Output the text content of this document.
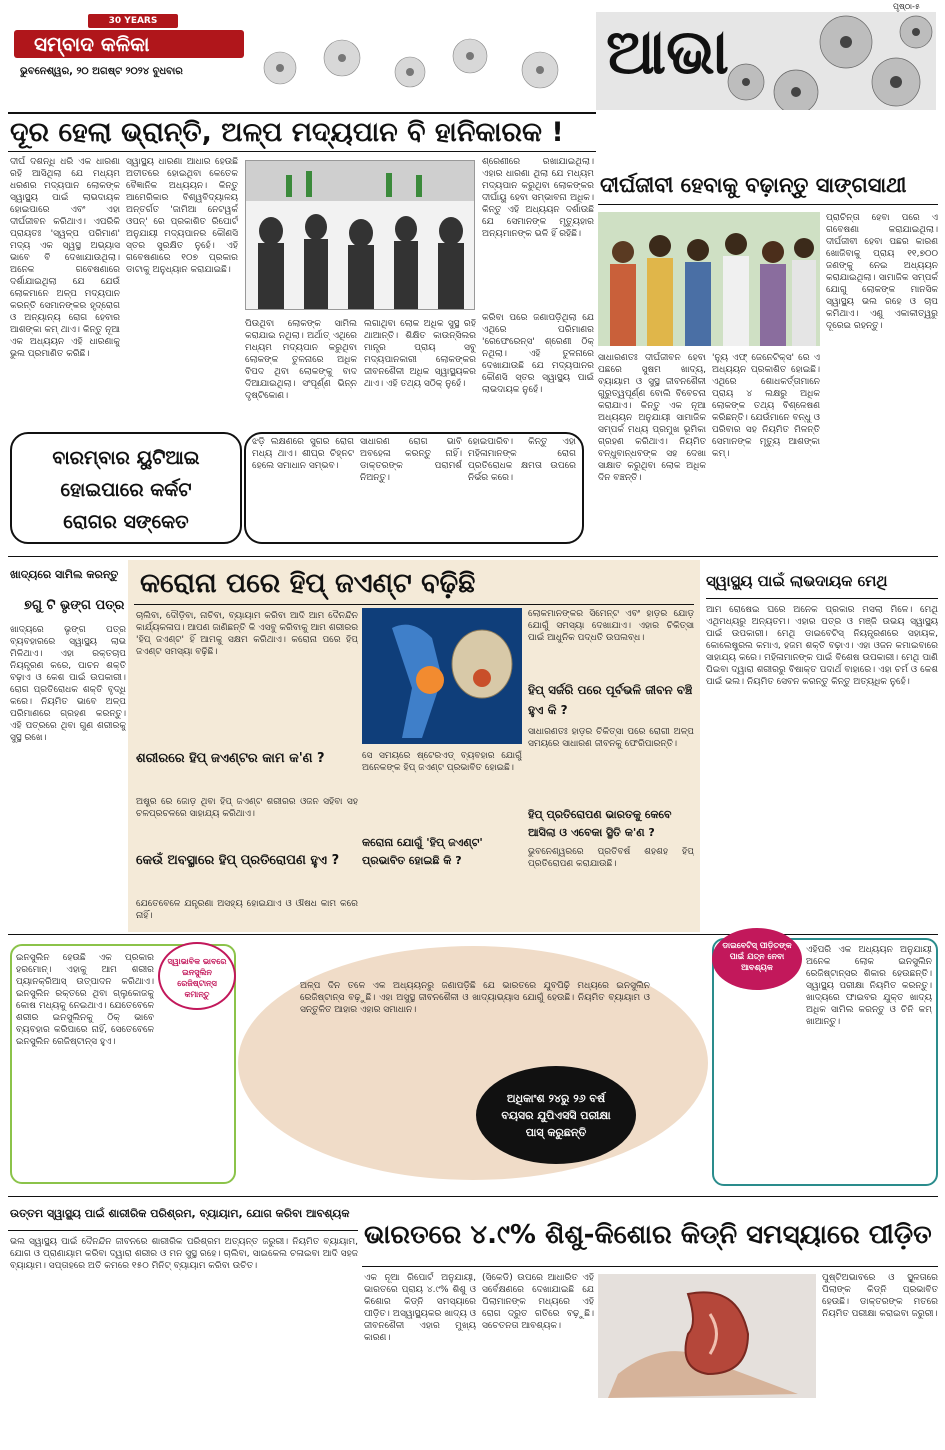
30 YEARS
ସମ୍ବାଦ କଳିକା
ଭୁବନେଶ୍ୱର, ୨୦ ଅଗଷ୍ଟ ୨୦୨୪ ବୁଧବାର
ପୃଷ୍ଠା-୫
ଆଭା
ଦୂର ହେଲା ଭ୍ରାନ୍ତି, ଅଳ୍ପ ମଦ୍ୟପାନ ବି ହାନିକାରକ !
ଦୀର୍ଘ ଦଶନ୍ଧି ଧରି ଏକ ଧାରଣା ରହି ଆସିଥିଲା ଯେ ମଧ୍ୟମ ଧରଣର ମଦ୍ୟପାନ ଲୋକଙ୍କ ସ୍ୱାସ୍ଥ୍ୟ ପାଇଁ ଲାଭଦାୟକ ହୋଇପାରେ ଏବଂ ଏହା ଦୀର୍ଘଜୀବନ କରିଥାଏ। ଏପରିକି ପ୍ରାୟତଃ 'ସ୍ୱଳ୍ପ ପରିମାଣ' ମଦ୍ୟ ଏକ ସ୍ୱସ୍ଥ ଅଭ୍ୟାସ ଭାବେ ବି ଦେଖାଯାଉଥିଲା। ଅନେକ ଗବେଷଣାରେ ଦର୍ଶାଯାଇଥିଲା ଯେ ଯେଉଁ ଲୋକମାନେ ଅଳ୍ପ ମଦ୍ୟପାନ କରନ୍ତି ସେମାନଙ୍କର ହୃଦ୍‌ରୋଗ ଓ ଅନ୍ୟାନ୍ୟ ରୋଗ ହେବାର ଆଶଙ୍କା କମ୍ ଥାଏ। କିନ୍ତୁ ନୂଆ ଏକ ଅଧ୍ୟୟନ ଏହି ଧାରଣାକୁ ଭୁଲ ପ୍ରମାଣିତ କରିଛି।
ସ୍ୱାସ୍ଥ୍ୟ ଧାରଣା ଆଧାର ହେଉଛି ଅତୀତରେ ହୋଇଥିବା କେତେକ ବୈଜ୍ଞାନିକ ଅଧ୍ୟୟନ। କିନ୍ତୁ ଆମେରିକାର ବିଶ୍ୱବିଦ୍ୟାଳୟ ଅନ୍ତର୍ଗତ 'ଜାମିଆ ନେଟୱର୍କ ଓପନ୍' ରେ ପ୍ରକାଶିତ ରିପୋର୍ଟ ଅନୁଯାୟୀ ମଦ୍ୟପାନର କୌଣସି ସ୍ତର ସୁରକ୍ଷିତ ନୁହେଁ। ଏହି ଗବେଷଣାରେ ୧୦୭ ପ୍ରକାର ଡାଟାକୁ ଅନୁଧ୍ୟାନ କରାଯାଇଛି।
ଶ୍ରେଣୀରେ ରଖାଯାଇଥିଲା। ଏହାର ଧାରଣା ଥିଲା ଯେ ମଧ୍ୟମ ମଦ୍ୟପାନ କରୁଥିବା ଲୋକଙ୍କର ଦୀର୍ଘାୟୁ ହେବା ସମ୍ଭାବନା ଅଧିକ। କିନ୍ତୁ ଏହି ଅଧ୍ୟୟନ ଦର୍ଶାଉଛି ଯେ ସେମାନଙ୍କ ମୃତ୍ୟୁହାର ଅନ୍ୟମାନଙ୍କ ଭଳି ହିଁ ରହିଛି।
ପିଉଥିବା ଲୋକଙ୍କ ସାମିଲ କରାଯାଇ ନଥିଲା। ଅର୍ଥାତ୍ ଏଥିରେ ମଧ୍ୟମ ମଦ୍ୟପାନ କରୁଥିବା ଲୋକଙ୍କ ତୁଳନାରେ ଅଧିକ ବିପଦ ଥିବା ଲୋକଙ୍କୁ ବାଦ ଦିଆଯାଇଥିଲା। ସଂପୂର୍ଣ୍ଣ ଭିନ୍ନ ଦୃଷ୍ଟିକୋଣ।
ଲଗାଥିବା ଲୋକ ଅଧିକ ସୁସ୍ଥ ରହି ଥାଆନ୍ତି। ଶିକ୍ଷିତ କାଉନ୍ସିଲର ମାନ୍ତ୍ର ପ୍ରାୟ ସବୁ ମଦ୍ୟପାନକାରୀ ଲୋକଙ୍କର ଜୀବନଶୈଳୀ ଅଧିକ ସ୍ୱାସ୍ଥ୍ୟକର ଥାଏ। ଏହି ତଥ୍ୟ ସଠିକ୍ ନୁହେଁ।
କରିବା ପରେ ଜଣାପଡ଼ିଥିଲା ଯେ ଏଥିରେ ପରିମାଣର 'ରେଫେରେନ୍ସ' ଶ୍ରେଣୀ ଠିକ୍ ନଥିଲା। ଏହି ତୁଳନାରେ ଦେଖାଯାଉଛି ଯେ ମଦ୍ୟପାନର କୌଣସି ସ୍ତର ସ୍ୱାସ୍ଥ୍ୟ ପାଇଁ ଲାଭଦାୟକ ନୁହେଁ।
ଦୀର୍ଘଜୀବୀ ହେବାକୁ ବଢ଼ାନ୍ତୁ ସାଙ୍ଗସାଥୀ
ପ୍ରାଚିନ୍ତା ହେବା ପରେ ଏ ଗବେଷଣା କରାଯାଇଥିଲା। ଦୀର୍ଘଜୀବୀ ହେବା ପଛର କାରଣ ଖୋଜିବାକୁ ପ୍ରାୟ ୧୧,୭୦୦ ଜଣଙ୍କୁ ନେଇ ଅଧ୍ୟୟନ କରାଯାଇଥିଲା। ସାମାଜିକ ସମ୍ପର୍କ ଯୋଗୁ ଲୋକଙ୍କ ମାନସିକ ସ୍ୱାସ୍ଥ୍ୟ ଭଲ ରହେ ଓ ଚାପ କମିଥାଏ। ଏଣୁ ଏକାକୀତ୍ୱରୁ ଦୂରେଇ ରହନ୍ତୁ।
ସାଧାରଣତଃ ଦୀର୍ଘଜୀବନ ହେବା ପଛରେ ସୁଷମ ଖାଦ୍ୟ, ବ୍ୟାୟାମ ଓ ସୁସ୍ଥ ଜୀବନଶୈଳୀ ଗୁରୁତ୍ୱପୂର୍ଣ୍ଣ ବୋଲି ବିବେଚନା କରାଯାଏ। କିନ୍ତୁ ଏକ ନୂଆ ଅଧ୍ୟୟନ ଅନୁଯାୟୀ ସାମାଜିକ ସମ୍ପର୍କ ମଧ୍ୟ ପ୍ରମୁଖ ଭୂମିକା ଗ୍ରହଣ କରିଥାଏ। ନିୟମିତ ବନ୍ଧୁବାନ୍ଧବଙ୍କ ସହ ଦେଖା ସାକ୍ଷାତ କରୁଥିବା ଲୋକ ଅଧିକ ଦିନ ବଞ୍ଚନ୍ତି।
'ନ୍ୟୁ ଏଫ୍ ଜେନେଟିକ୍ସ' ରେ ଏ ଅଧ୍ୟୟନ ପ୍ରକାଶିତ ହୋଇଛି। ଏଥିରେ ଶୋଧକର୍ତ୍ତାମାନେ ପ୍ରାୟ ୪ ଲକ୍ଷରୁ ଅଧିକ ଲୋକଙ୍କ ତଥ୍ୟ ବିଶ୍ଳେଷଣ କରିଛନ୍ତି। ଯେଉଁମାନେ ବନ୍ଧୁ ଓ ପରିବାର ସହ ନିୟମିତ ମିଳନ୍ତି ସେମାନଙ୍କ ମୃତ୍ୟୁ ଆଶଙ୍କା କମ୍।
ବାରମ୍ବାର ୟୁଟିଆଇ
ହୋଇପାରେ କର୍କଟ
ରୋଗର ସଙ୍କେତ
ଝଡ଼ି ଲକ୍ଷଣରେ ସୁଗର ରୋଗ ମଧ୍ୟ ଥାଏ। ଶୀଘ୍ର ଚିହ୍ନଟ ହେଲେ ସମାଧାନ ସମ୍ଭବ।
ସାଧାରଣ ରୋଗ ଭାବି ଅବହେଳା କରନ୍ତୁ ନାହିଁ। ଡାକ୍ତରଙ୍କ ପରାମର୍ଶ ନିଅନ୍ତୁ।
ହୋଇପାରିବ। କିନ୍ତୁ ଏହା ମହିଳାମାନଙ୍କ ରୋଗ ପ୍ରତିରୋଧକ କ୍ଷମତା ଉପରେ ନିର୍ଭର କରେ।
ଖାଦ୍ୟରେ ସାମିଲ କରନ୍ତୁ
୭ଗୁ ଟି ଭୃଙ୍ଗ ପତ୍ର
ଖାଦ୍ୟରେ ଭୃଙ୍ଗ ପତ୍ର ବ୍ୟବହାରରେ ସ୍ୱାସ୍ଥ୍ୟ ଲାଭ ମିଳିଥାଏ। ଏହା ରକ୍ତଚାପ ନିୟନ୍ତ୍ରଣ କରେ, ପାଚନ ଶକ୍ତି ବଢ଼ାଏ ଓ କେଶ ପାଇଁ ଉପକାରୀ। ରୋଗ ପ୍ରତିରୋଧକ ଶକ୍ତି ବୃଦ୍ଧି କରେ। ନିୟମିତ ଭାବେ ଅଳ୍ପ ପରିମାଣରେ ଗ୍ରହଣ କରନ୍ତୁ। ଏହି ପତ୍ରରେ ଥିବା ଗୁଣ ଶରୀରକୁ ସୁସ୍ଥ ରଖେ।
କରୋନା ପରେ ହିପ୍ ଜଏଣ୍ଟ ବଢ଼ିଛି
ଚାଲିବା, ଦୌଡ଼ିବା, ନାଚିବା, ବ୍ୟାୟାମ କରିବା ଆଦି ଆମ ଦୈନନ୍ଦିନ କାର୍ଯ୍ୟକଳାପ। ଆପଣ ଜାଣିଛନ୍ତି କି ଏସବୁ କରିବାକୁ ଆମ ଶରୀରର 'ହିପ୍ ଜଏଣ୍ଟ' ହିଁ ଆମକୁ ସକ୍ଷମ କରିଥାଏ। କରୋନା ପରେ ହିପ୍ ଜଏଣ୍ଟ ସମସ୍ୟା ବଢ଼ିଛି।
ଲୋକମାନଙ୍କର ସିମେନ୍ଟ ଏବଂ ହାଡ଼ର ଯୋଡ଼ ଯୋଗୁଁ ସମସ୍ୟା ଦେଖାଯାଏ। ଏହାର ଚିକିତ୍ସା ପାଇଁ ଆଧୁନିକ ପଦ୍ଧତି ଉପଲବ୍ଧ।
ହିପ୍ ସର୍ଜରି ପରେ ପୂର୍ବଭଳି ଜୀବନ ବଞ୍ଚି ହୁଏ କି ?
ସାଧାରଣତଃ ହାଡ଼ର ଚିକିତ୍ସା ପରେ ରୋଗୀ ଅଳ୍ପ ସମୟରେ ସାଧାରଣ ଜୀବନକୁ ଫେରିପାରନ୍ତି।
ଶରୀରରେ ହିପ୍ ଜଏଣ୍ଟର କାମ କ'ଣ ?
ଅଷ୍ଟ୍ର ରେ ଜୋଡ଼ ଥିବା ହିପ୍ ଜଏଣ୍ଟ ଶରୀରର ଓଜନ ସହିବା ସହ ଚଳପ୍ରଚଳରେ ସାହାଯ୍ୟ କରିଥାଏ।
ସେ ସମୟରେ ଷ୍ଟେରଏଡ୍ ବ୍ୟବହାର ଯୋଗୁଁ ଅନେକଙ୍କ ହିପ୍ ଜଏଣ୍ଟ ପ୍ରଭାବିତ ହୋଇଛି।
କରୋନା ଯୋଗୁଁ 'ହିପ୍ ଜଏଣ୍ଟ' ପ୍ରଭାବିତ ହୋଇଛି କି ?
ହିପ୍ ପ୍ରତିରୋପଣ ଭାରତକୁ କେବେ ଆସିଲା ଓ ଏବେକା ସ୍ଥିତି କ'ଣ ?
ଭୁବନେଶ୍ୱରରେ ପ୍ରତିବର୍ଷ ଶହଶହ ହିପ୍ ପ୍ରତିରୋପଣ କରାଯାଉଛି।
କେଉଁ ଅବସ୍ଥାରେ ହିପ୍ ପ୍ରତିରୋପଣ ହୁଏ ?
ଯେତେବେଳେ ଯନ୍ତ୍ରଣା ଅସହ୍ୟ ହୋଇଯାଏ ଓ ଔଷଧ କାମ କରେ ନାହିଁ।
ସ୍ୱାସ୍ଥ୍ୟ ପାଇଁ ଲାଭଦାୟକ ମେଥି
ଆମ ରୋଷେଇ ଘରେ ଅନେକ ପ୍ରକାର ମସଲା ମିଳେ। ମେଥି ଏଥିମଧ୍ୟରୁ ଅନ୍ୟତମ। ଏହାର ପତ୍ର ଓ ମଞ୍ଜି ଉଭୟ ସ୍ୱାସ୍ଥ୍ୟ ପାଇଁ ଉପକାରୀ। ମେଥି ଡାଇବେଟିସ୍ ନିୟନ୍ତ୍ରଣରେ ସହାୟକ, କୋଲେଷ୍ଟ୍ରଲ କମାଏ, ହଜମ ଶକ୍ତି ବଢ଼ାଏ। ଏହା ଓଜନ କମାଇବାରେ ସାହାଯ୍ୟ କରେ। ମହିଳାମାନଙ୍କ ପାଇଁ ବିଶେଷ ଉପକାରୀ। ମେଥି ପାଣି ପିଇବା ଦ୍ୱାରା ଶରୀରରୁ ବିଷାକ୍ତ ପଦାର୍ଥ ବାହାରେ। ଏହା ଚର୍ମ ଓ କେଶ ପାଇଁ ଭଲ। ନିୟମିତ ସେବନ କରନ୍ତୁ କିନ୍ତୁ ଅତ୍ୟଧିକ ନୁହେଁ।
ସ୍ୱାଭାବିକ ଭାବରେ ଇନସୁଲିନ ରେଜିଷ୍ଟାନ୍ସ କମାନ୍ତୁ
ଇନସୁଲିନ ହେଉଛି ଏକ ପ୍ରକାର ହରମୋନ୍। ଏହାକୁ ଆମ ଶରୀର ପ୍ୟାନକ୍ରିଆସ୍ ଉତ୍ପାଦନ କରିଥାଏ। ଇନସୁଲିନ ରକ୍ତରେ ଥିବା ଗ୍ଲୁକୋଜକୁ କୋଷ ମଧ୍ୟକୁ ନେଇଥାଏ। ଯେତେବେଳେ ଶରୀର ଇନସୁଲିନକୁ ଠିକ୍ ଭାବେ ବ୍ୟବହାର କରିପାରେ ନାହିଁ, ସେତେବେଳେ ଇନସୁଲିନ ରେଜିଷ୍ଟାନ୍ସ ହୁଏ।
ଅଳ୍ପ ଦିନ ତଳେ ଏକ ଅଧ୍ୟୟନରୁ ଜଣାପଡ଼ିଛି ଯେ ଭାରତରେ ଯୁବପିଢ଼ି ମଧ୍ୟରେ ଇନସୁଲିନ ରେଜିଷ୍ଟାନ୍ସ ବଢ଼ୁଛି। ଏହା ଅସୁସ୍ଥ ଜୀବନଶୈଳୀ ଓ ଖାଦ୍ୟାଭ୍ୟାସ ଯୋଗୁଁ ହେଉଛି। ନିୟମିତ ବ୍ୟାୟାମ ଓ ସନ୍ତୁଳିତ ଆହାର ଏହାର ସମାଧାନ।
ଅଧିକାଂଶ ୨୪ରୁ ୨୬ ବର୍ଷ ବୟସର ଯୁପିଏସସି ପରୀକ୍ଷା ପାସ୍ କରୁଛନ୍ତି
ଡାଇବେଟିସ୍ ପୀଡ଼ିତଙ୍କ ପାଇଁ ଯତ୍ନ ନେବା ଆବଶ୍ୟକ
ଏହିପରି ଏକ ଅଧ୍ୟୟନ ଅନୁଯାୟୀ ଅନେକ ଲୋକ ଇନସୁଲିନ ରେଜିଷ୍ଟାନ୍ସର ଶିକାର ହେଉଛନ୍ତି। ସ୍ୱାସ୍ଥ୍ୟ ପରୀକ୍ଷା ନିୟମିତ କରନ୍ତୁ। ଖାଦ୍ୟରେ ଫାଇବର ଯୁକ୍ତ ଖାଦ୍ୟ ଅଧିକ ସାମିଲ କରନ୍ତୁ ଓ ଚିନି କମ୍ ଖାଆନ୍ତୁ।
ଉତ୍ତମ ସ୍ୱାସ୍ଥ୍ୟ ପାଇଁ ଶାରୀରିକ ପରିଶ୍ରମ, ବ୍ୟାୟାମ, ଯୋଗ କରିବା ଆବଶ୍ୟକ
ଭଲ ସ୍ୱାସ୍ଥ୍ୟ ପାଇଁ ଦୈନନ୍ଦିନ ଜୀବନରେ ଶାରୀରିକ ପରିଶ୍ରମ ଅତ୍ୟନ୍ତ ଜରୁରୀ। ନିୟମିତ ବ୍ୟାୟାମ, ଯୋଗ ଓ ପ୍ରାଣାୟାମ କରିବା ଦ୍ୱାରା ଶରୀର ଓ ମନ ସୁସ୍ଥ ରହେ। ଚାଲିବା, ସାଇକେଲ ଚଳାଇବା ଆଦି ସହଜ ବ୍ୟାୟାମ। ସପ୍ତାହରେ ଅତି କମରେ ୧୫୦ ମିନିଟ୍ ବ୍ୟାୟାମ କରିବା ଉଚିତ।
ଭାରତରେ ୪.୯% ଶିଶୁ-କିଶୋର କିଡ୍‌ନି ସମସ୍ୟାରେ ପୀଡ଼ିତ
ଏକ ନୂଆ ରିପୋର୍ଟ ଅନୁଯାୟୀ, ଭାରତରେ ପ୍ରାୟ ୪.୯% ଶିଶୁ ଓ କିଶୋର କିଡ୍‌ନି ସମସ୍ୟାରେ ପୀଡ଼ିତ। ଅସ୍ୱାସ୍ଥ୍ୟକର ଖାଦ୍ୟ ଓ ଜୀବନଶୈଳୀ ଏହାର ମୁଖ୍ୟ କାରଣ।
(ସିକେଡି) ଉପରେ ଆଧାରିତ ଏହି ସର୍ବେକ୍ଷଣରେ ଦେଖାଯାଇଛି ଯେ ପିଲାମାନଙ୍କ ମଧ୍ୟରେ ଏହି ରୋଗ ଦ୍ରୁତ ଗତିରେ ବଢ଼ୁଛି। ସଚେତନତା ଆବଶ୍ୟକ।
ପୁଷ୍ଟିଅଭାବରେ ଓ ସ୍ଥୂଳତାରେ ପିଲାଙ୍କ କିଡ୍‌ନି ପ୍ରଭାବିତ ହେଉଛି। ଡାକ୍ତରଙ୍କ ମତରେ ନିୟମିତ ପରୀକ୍ଷା କରାଇବା ଜରୁରୀ।
